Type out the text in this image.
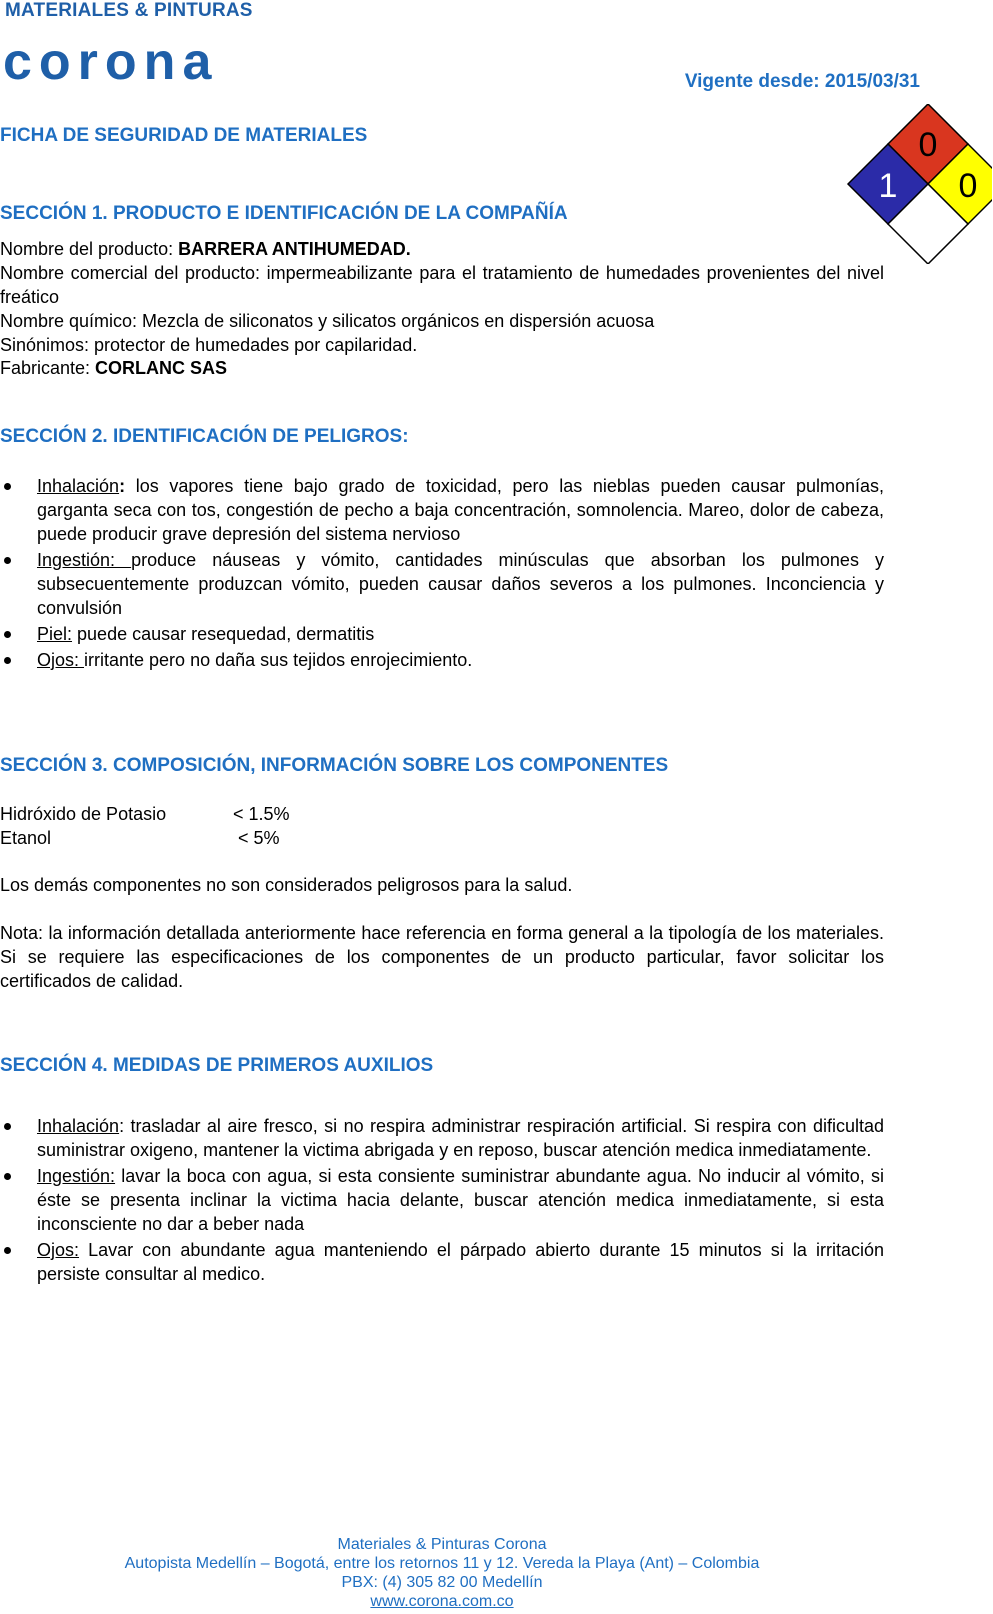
MATERIALES & PINTURAS
corona	Vigente desde: 2015/03/31
FICHA DE SEGURIDAD DE MATERIALES	0
1 0
SECCIÓN 1. PRODUCTO E IDENTIFICACIÓN DE LA COMPAÑÍA
Nombre del producto: BARRERA ANTIHUMEDAD.
Nombre comercial del producto: impermeabilizante para el tratamiento de humedades provenientes del nivel freático
Nombre químico: Mezcla de siliconatos y silicatos orgánicos en dispersión acuosa
Sinónimos: protector de humedades por capilaridad.
Fabricante: CORLANC SAS
SECCIÓN 2. IDENTIFICACIÓN DE PELIGROS:
Inhalación: los vapores tiene bajo grado de toxicidad, pero las nieblas pueden causar pulmonías, garganta seca con tos, congestión de pecho a baja concentración, somnolencia. Mareo, dolor de cabeza, puede producir grave depresión del sistema nervioso
Ingestión: produce náuseas y vómito, cantidades minúsculas que absorban los pulmones y subsecuentemente produzcan vómito, pueden causar daños severos a los pulmones. Inconciencia y convulsión
Piel: puede causar resequedad, dermatitis
Ojos: irritante pero no daña sus tejidos enrojecimiento.
SECCIÓN 3. COMPOSICIÓN, INFORMACIÓN SOBRE LOS COMPONENTES
Hidróxido de Potasio	< 1.5%
Etanol	< 5%
Los demás componentes no son considerados peligrosos para la salud.
Nota: la información detallada anteriormente hace referencia en forma general a la tipología de los materiales. Si se requiere las especificaciones de los componentes de un producto particular, favor solicitar los certificados de calidad.
SECCIÓN 4. MEDIDAS DE PRIMEROS AUXILIOS
Inhalación: trasladar al aire fresco, si no respira administrar respiración artificial. Si respira con dificultad suministrar oxigeno, mantener la victima abrigada y en reposo, buscar atención medica inmediatamente.
Ingestión: lavar la boca con agua, si esta consiente suministrar abundante agua. No inducir al vómito, si éste se presenta inclinar la victima hacia delante, buscar atención medica inmediatamente, si esta inconsciente no dar a beber nada
Ojos: Lavar con abundante agua manteniendo el párpado abierto durante 15 minutos si la irritación persiste consultar al medico.
Materiales & Pinturas Corona
Autopista Medellín – Bogotá, entre los retornos 11 y 12. Vereda la Playa (Ant) – Colombia
PBX: (4) 305 82 00 Medellín
www.corona.com.co
